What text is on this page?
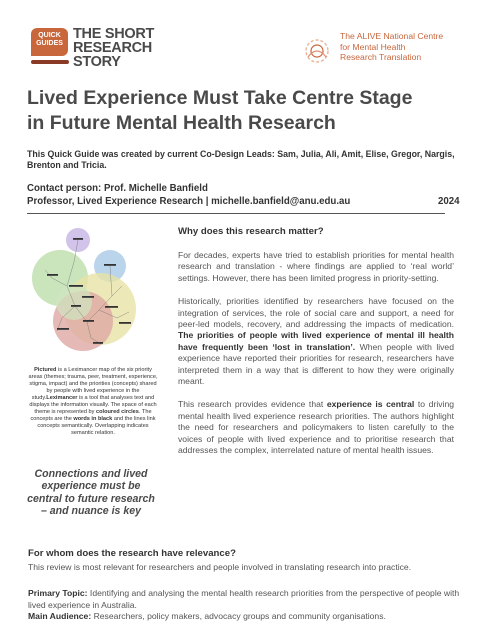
QUICK GUIDES
THE SHORT
RESEARCH
STORY
The ALIVE National Centre
for Mental Health
Research Translation
Lived Experience Must Take Centre Stage
in Future Mental Health Research

This Quick Guide was created by current Co-Design Leads: Sam, Julia, Ali, Amit, Elise, Gregor, Nargis, Brenton and Tricia.

Contact person: Prof. Michelle Banfield
Professor, Lived Experience Research | michelle.banfield@anu.edu.au	2024

Pictured is a Leximancer map of the six priority areas (themes; trauma, peer, treatment, experience, stigma, impact) and the priorities (concepts) shared by people with lived experience in the study.Leximancer is a tool that analyses text and displays the information visually. The space of each theme is represented by coloured circles. The concepts are the words in black and the lines link concepts semantically. Overlapping indicates semantic relation.

Connections and lived experience must be central to future research – and nuance is key

Why does this research matter?

For decades, experts have tried to establish priorities for mental health research and translation - where findings are applied to ‘real world’ settings. However, there has been limited progress in priority-setting.

Historically, priorities identified by researchers have focused on the integration of services, the role of social care and support, a need for peer-led models, recovery, and addressing the impacts of medication. The priorities of people with lived experience of mental ill health have frequently been ‘lost in translation’. When people with lived experience have reported their priorities for research, researchers have interpreted them in a way that is different to how they were originally meant.

This research provides evidence that experience is central to driving mental health lived experience research priorities. The authors highlight the need for researchers and policymakers to listen carefully to the voices of people with lived experience and to prioritise research that addresses the complex, interrelated nature of mental health issues.

For whom does the research have relevance?

This review is most relevant for researchers and people involved in translating research into practice.

Primary Topic: Identifying and analysing the mental health research priorities from the perspective of people with lived experience in Australia.

Main Audience: Researchers, policy makers, advocacy groups and community organisations.
